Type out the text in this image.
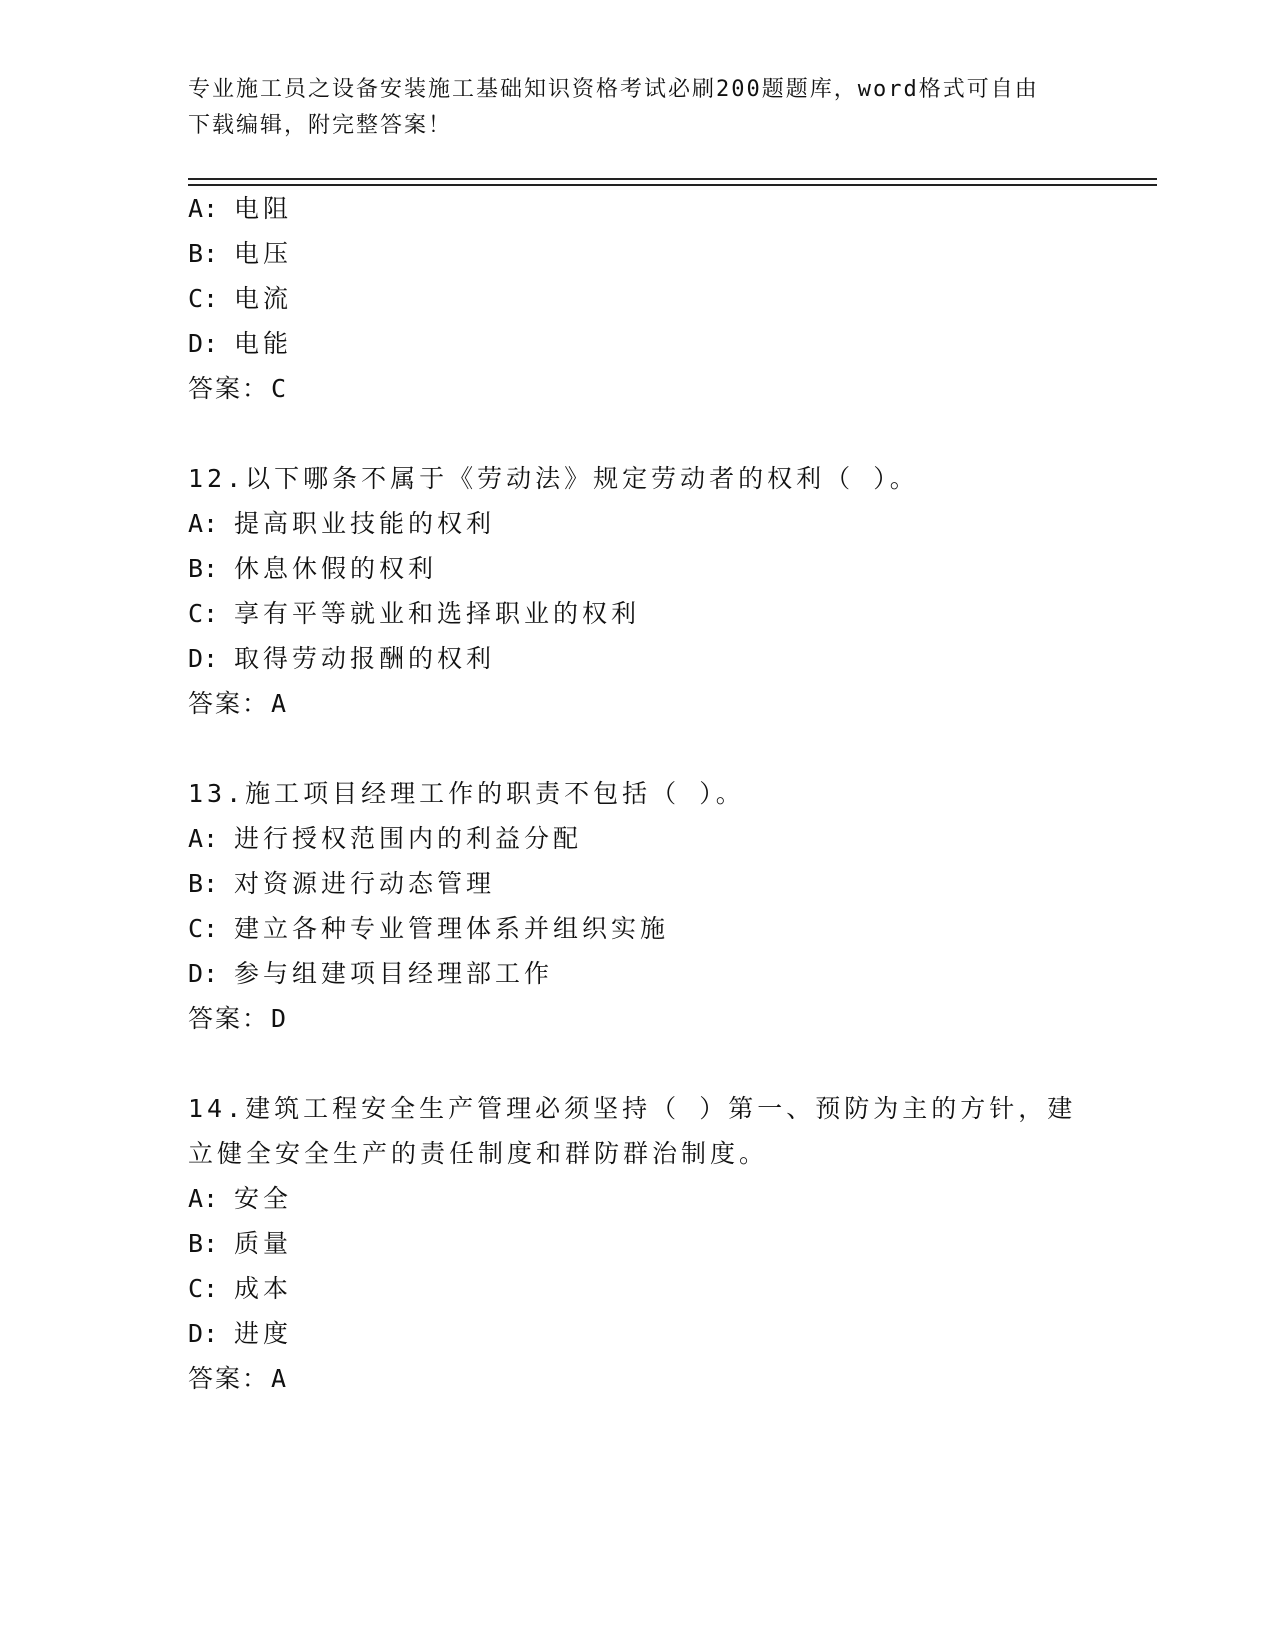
专业施工员之设备安装施工基础知识资格考试必刷200题题库，word格式可自由
下载编辑，附完整答案！
A: 电阻
B: 电压
C: 电流
D: 电能
答案：C
12.以下哪条不属于《劳动法》规定劳动者的权利（ ）。
A: 提高职业技能的权利
B: 休息休假的权利
C: 享有平等就业和选择职业的权利
D: 取得劳动报酬的权利
答案：A
13.施工项目经理工作的职责不包括（ ）。
A: 进行授权范围内的利益分配
B: 对资源进行动态管理
C: 建立各种专业管理体系并组织实施
D: 参与组建项目经理部工作
答案：D
14.建筑工程安全生产管理必须坚持（ ）第一、预防为主的方针，建
立健全安全生产的责任制度和群防群治制度。
A: 安全
B: 质量
C: 成本
D: 进度
答案：A
